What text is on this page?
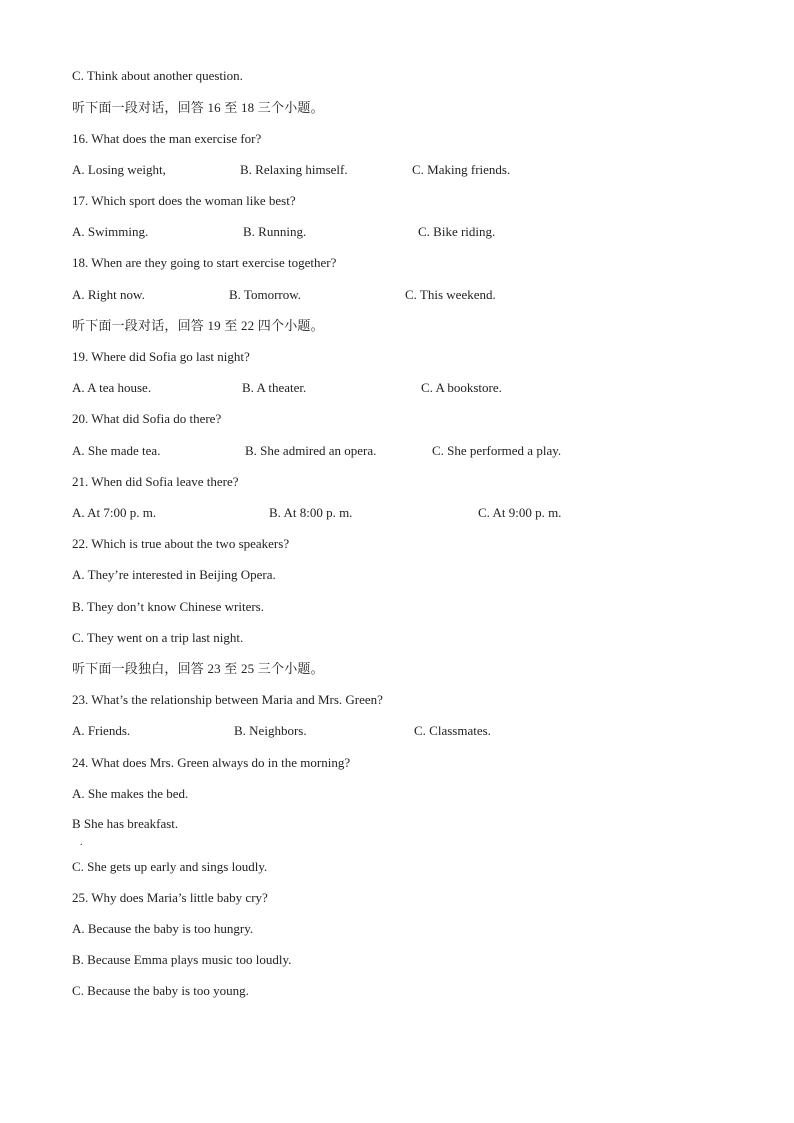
C. Think about another question.
听下面一段对话，回答 16 至 18 三个小题。
16. What does the man exercise for?
A. Losing weight,	B. Relaxing himself.	C. Making friends.
17. Which sport does the woman like best?
A. Swimming.	B. Running.	C. Bike riding.
18. When are they going to start exercise together?
A. Right now.	B. Tomorrow.	C. This weekend.
听下面一段对话，回答 19 至 22 四个小题。
19. Where did Sofia go last night?
A. A tea house.	B. A theater.	C. A bookstore.
20. What did Sofia do there?
A. She made tea.	B. She admired an opera.	C. She performed a play.
21. When did Sofia leave there?
A. At 7:00 p. m.	B. At 8:00 p. m.	C. At 9:00 p. m.
22. Which is true about the two speakers?
A. They’re interested in Beijing Opera.
B. They don’t know Chinese writers.
C. They went on a trip last night.
听下面一段独白，回答 23 至 25 三个小题。
23. What’s the relationship between Maria and Mrs. Green?
A. Friends.	B. Neighbors.	C. Classmates.
24. What does Mrs. Green always do in the morning?
A. She makes the bed.
B She has breakfast.
.
C. She gets up early and sings loudly.
25. Why does Maria’s little baby cry?
A. Because the baby is too hungry.
B. Because Emma plays music too loudly.
C. Because the baby is too young.
